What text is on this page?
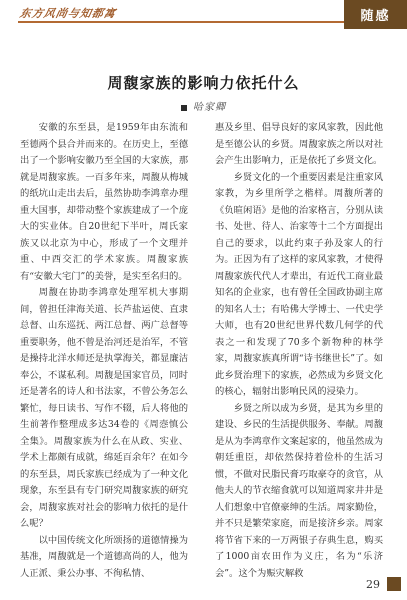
东方风尚与知都寓	随感
周馥家族的影响力依托什么
哈家卿

安徽的东至县，是1959年由东流和至德两个县合并而来的。在历史上，至德出了一个影响安徽乃至全国的大家族，那就是周馥家族。一百多年来，周馥从梅城的纸坑山走出去后，虽然协助李鸿章办理重大国事，却带动整个家族建成了一个庞大的实业体。自20世纪下半叶，周氏家族又以北京为中心，形成了一个文理并重、中西交汇的学术家族。周馥家族有“安徽大宅门”的美誉，是实至名归的。

周馥在协助李鸿章处理军机大事期间，曾担任津海关道、长芦盐运使、直隶总督、山东巡抚、两江总督、两广总督等重要职务，他不曾是治河还是治军，不管是操持北洋水师还是执掌海关，都显廉洁奉公，不谋私利。周馥是国家官员，同时还是著名的诗人和书法家，不曾公务怎么繁忙，每日读书、写作不辍，后人将他的生前著作整理成多达34卷的《周悫慎公全集》。周馥家族为什么在从政、实业、学术上都颇有成就，绵延百余年？在如今的东至县，周氏家族已经成为了一种文化现象，东至县有专门研究周馥家族的研究会，周馥家族对社会的影响力依托的是什么呢？

以中国传统文化所颂扬的道德情操为基准，周馥就是一个道德高尚的人，他为人正派、秉公办事、不徇私情、

惠及乡里、倡导良好的家风家教，因此他是至德公认的乡贤。周馥家族之所以对社会产生出影响力，正是依托了乡贤文化。

乡贤文化的一个重要因素是注重家风家教，为乡里所学之楷样。周馥所著的《负暄闲语》是他的治家格言，分别从读书、处世、待人、治家等十二个方面提出自己的要求，以此约束子孙及家人的行为。正因为有了这样的家风家教，才使得周馥家族代代人才辈出，有近代工商业最知名的企业家，也有曾任全国政协副主席的知名人士；有哈佛大学博士、一代史学大师，也有20世纪世界代数几何学的代表之一和发现了70多个新物种的林学家，周馥家族真所谓“诗书继世长”了。如此乡贤治理下的家族，必然成为乡贤文化的核心，辐射出影响民风的浸染力。

乡贤之所以成为乡贤，是其为乡里的建设、乡民的生活提供服务、奉献。周馥是从为李鸿章作文案起家的，他虽然成为朝廷重臣，却依然保持着俭朴的生活习惯，不做对民脂民膏巧取豪夺的贪官，从他夫人的节衣缩食就可以知道周家井井是人们想象中官僚豪绅的生活。周家勤俭，并不只是繁荣家庭，而是接济乡亲。周家将节省下来的一万两银子存典生息，购买了1000亩农田作为义庄，名为“乐济会”。这个为赈灾解救

29
